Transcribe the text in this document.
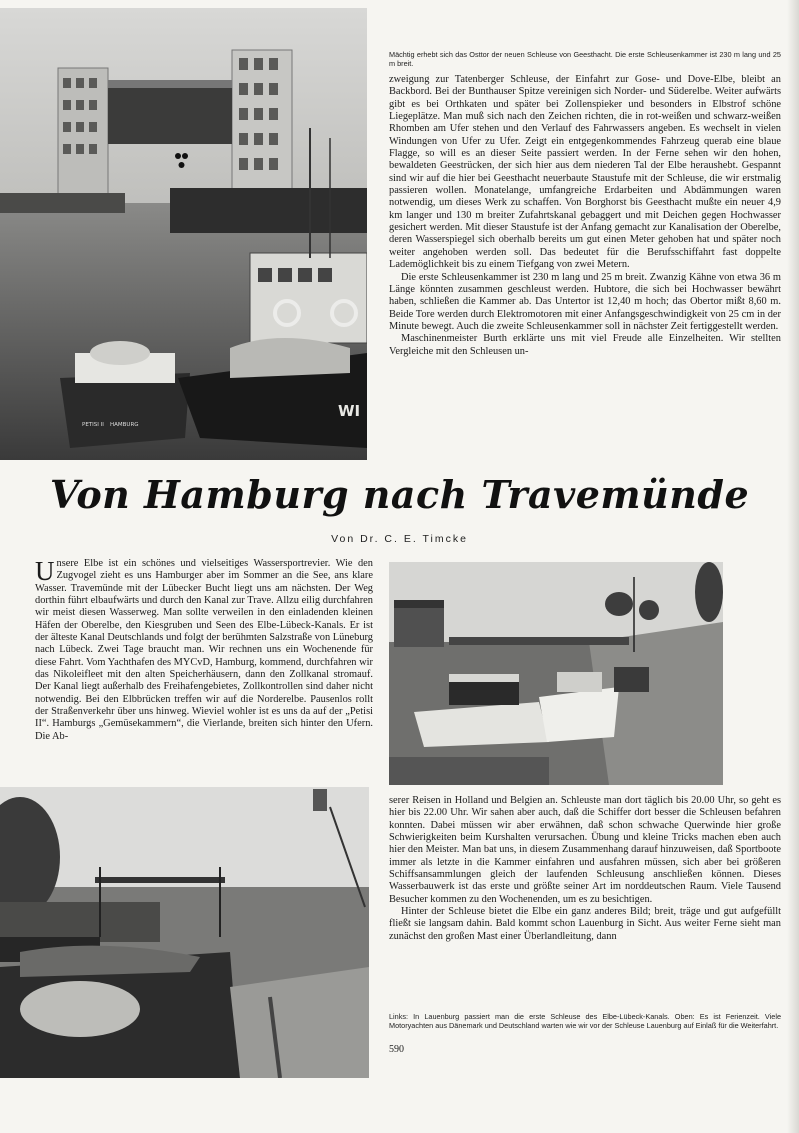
PETISI II HAMBURG
WI
Mächtig erhebt sich das Osttor der neuen Schleuse von Geesthacht. Die erste Schleusenkammer ist 230 m lang und 25 m breit.

zweigung zur Tatenberger Schleuse, der Einfahrt zur Gose- und Dove-Elbe, bleibt an Backbord. Bei der Bunthauser Spitze vereinigen sich Norder- und Süderelbe. Weiter aufwärts gibt es bei Orthkaten und später bei Zollenspieker und besonders in Elbstrof schöne Liegeplätze. Man muß sich nach den Zeichen richten, die in rot-weißen und schwarz-weißen Rhomben am Ufer stehen und den Verlauf des Fahrwassers angeben. Es wechselt in vielen Windungen von Ufer zu Ufer. Zeigt ein entgegenkommendes Fahrzeug querab eine blaue Flagge, so will es an dieser Seite passiert werden. In der Ferne sehen wir den hohen, bewaldeten Geestrücken, der sich hier aus dem niederen Tal der Elbe heraushebt. Gespannt sind wir auf die hier bei Geesthacht neuerbaute Staustufe mit der Schleuse, die wir erstmalig passieren wollen. Monatelange, umfangreiche Erdarbeiten und Abdämmungen waren notwendig, um dieses Werk zu schaffen. Von Borghorst bis Geesthacht mußte ein neuer 4,9 km langer und 130 m breiter Zufahrtskanal gebaggert und mit Deichen gegen Hochwasser gesichert werden. Mit dieser Staustufe ist der Anfang gemacht zur Kanalisation der Oberelbe, deren Wasserspiegel sich oberhalb bereits um gut einen Meter gehoben hat und später noch weiter angehoben werden soll. Das bedeutet für die Berufsschiffahrt fast doppelte Lademöglichkeit bis zu einem Tiefgang von zwei Metern.

Die erste Schleusenkammer ist 230 m lang und 25 m breit. Zwanzig Kähne von etwa 36 m Länge könnten zusammen geschleust werden. Hubtore, die sich bei Hochwasser bewährt haben, schließen die Kammer ab. Das Untertor ist 12,40 m hoch; das Obertor mißt 8,60 m. Beide Tore werden durch Elektromotoren mit einer Anfangsgeschwindigkeit von 25 cm in der Minute bewegt. Auch die zweite Schleusenkammer soll in nächster Zeit fertiggestellt werden.

Maschinenmeister Burth erklärte uns mit viel Freude alle Einzelheiten. Wir stellten Vergleiche mit den Schleusen un-

Von Hamburg nach Travemünde
Von Dr. C. E. Timcke

Unsere Elbe ist ein schönes und vielseitiges Wassersportrevier. Wie den Zugvogel zieht es uns Hamburger aber im Sommer an die See, ans klare Wasser. Travemünde mit der Lübecker Bucht liegt uns am nächsten. Der Weg dorthin führt elbaufwärts und durch den Kanal zur Trave. Allzu eilig durchfahren wir meist diesen Wasserweg. Man sollte verweilen in den einladenden kleinen Häfen der Oberelbe, den Kiesgruben und Seen des Elbe-Lübeck-Kanals. Er ist der älteste Kanal Deutschlands und folgt der berühmten Salzstraße von Lüneburg nach Lübeck. Zwei Tage braucht man. Wir rechnen uns ein Wochenende für diese Fahrt. Vom Yachthafen des MYCvD, Hamburg, kommend, durchfahren wir das Nikoleifleet mit den alten Speicherhäusern, dann den Zollkanal stromauf. Der Kanal liegt außerhalb des Freihafengebietes, Zollkontrollen sind daher nicht notwendig. Bei den Elbbrücken treffen wir auf die Norderelbe. Pausenlos rollt der Straßenverkehr über uns hinweg. Wieviel wohler ist es uns da auf der „Petisi II“. Hamburgs „Gemüsekammern“, die Vierlande, breiten sich hinter den Ufern. Die Ab-

serer Reisen in Holland und Belgien an. Schleuste man dort täglich bis 20.00 Uhr, so geht es hier bis 22.00 Uhr. Wir sahen aber auch, daß die Schiffer dort besser die Schleusen befahren konnten. Dabei müssen wir aber erwähnen, daß schon schwache Querwinde hier große Schwierigkeiten beim Kurshalten verursachen. Übung und kleine Tricks machen eben auch hier den Meister. Man bat uns, in diesem Zusammenhang darauf hinzuweisen, daß Sportboote immer als letzte in die Kammer einfahren und ausfahren müssen, sich aber bei größeren Schiffsansammlungen gleich der laufenden Schleusung anschließen können. Dieses Wasserbauwerk ist das erste und größte seiner Art im norddeutschen Raum. Viele Tausend Besucher kommen zu den Wochenenden, um es zu besichtigen.

Hinter der Schleuse bietet die Elbe ein ganz anderes Bild; breit, träge und gut aufgefüllt fließt sie langsam dahin. Bald kommt schon Lauenburg in Sicht. Aus weiter Ferne sieht man zunächst den großen Mast einer Überlandleitung, dann

Links: In Lauenburg passiert man die erste Schleuse des Elbe-Lübeck-Kanals. Oben: Es ist Ferienzeit. Viele Motoryachten aus Dänemark und Deutschland warten wie wir vor der Schleuse Lauenburg auf Einlaß für die Weiterfahrt.
590
